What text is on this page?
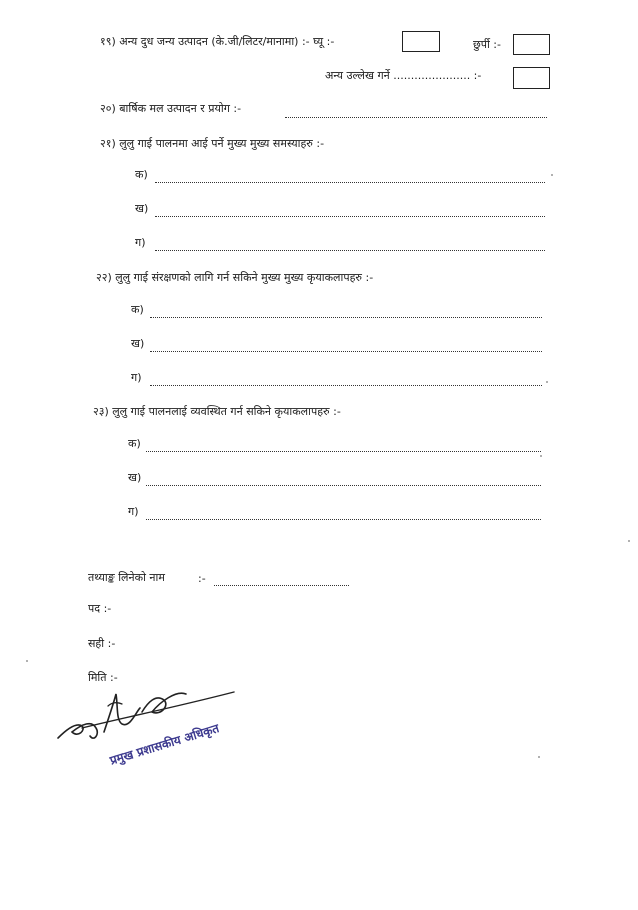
१९) अन्य दुध जन्य उत्पादन (के.जी/लिटर/मानामा) :- घ्यू :-	छुर्पी :-
अन्य उल्लेख गर्ने ...................... :-
२०) बार्षिक मल उत्पादन र प्रयोग :-
२१) लुलु गाई पालनमा आई पर्ने मुख्य मुख्य समस्याहरु :-
क)
ख)
ग)
२२) लुलु गाई संरक्षणको लागि गर्न सकिने मुख्य मुख्य कृयाकलापहरु :-
क)
ख)
ग)
२३) लुलु गाई पालनलाई व्यवस्थित गर्न सकिने कृयाकलापहरु :-
क)
ख)
ग)
तथ्याङ्क लिनेको नाम	:-
पद :-
सही :-
मिति :-
प्रमुख प्रशासकीय अधिकृत
